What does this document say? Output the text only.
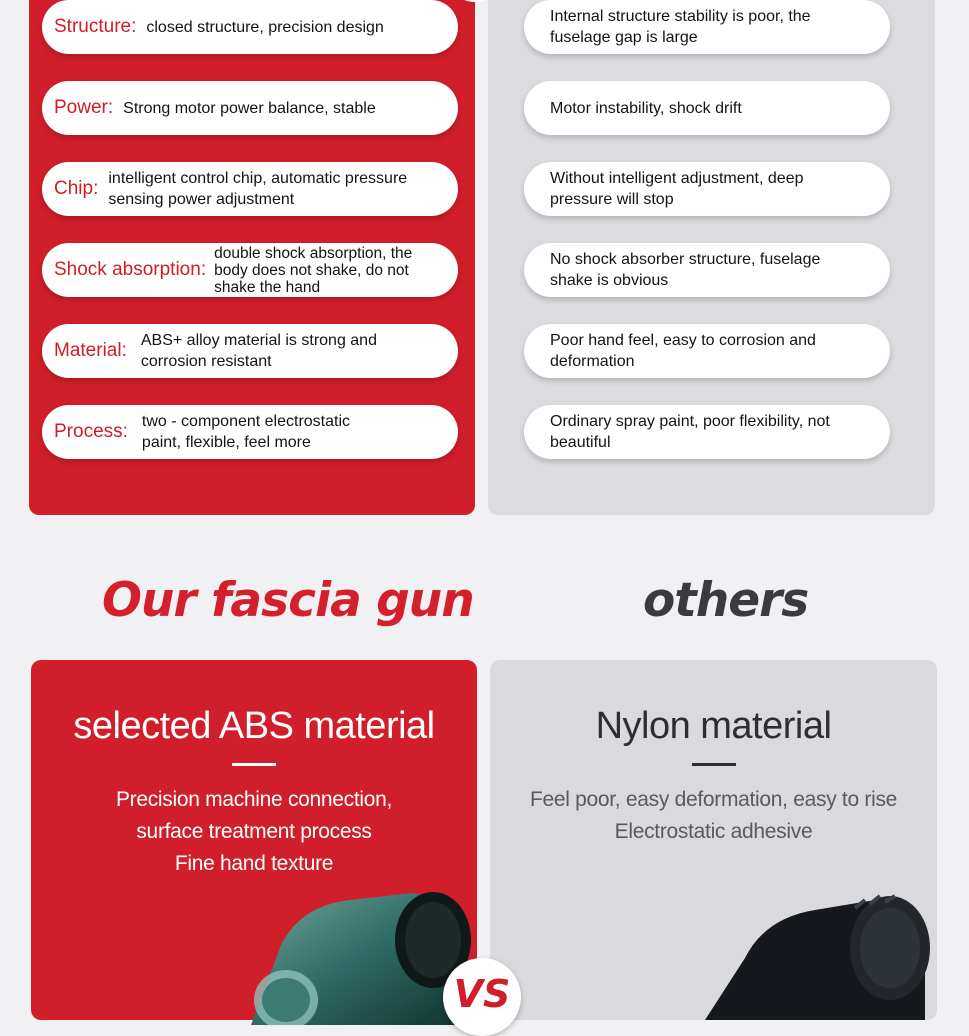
Structure: closed structure, precision design
Power: Strong motor power balance, stable
Chip: intelligent control chip, automatic pressure sensing power adjustment
Shock absorption:
double shock absorption, the body does not shake, do not shake the hand
Material: ABS+ alloy material is strong and corrosion resistant
Process: two - component electrostatic paint, flexible, feel more
Internal structure stability is poor, the fuselage gap is large
Motor instability, shock drift
Without intelligent adjustment, deep pressure will stop
No shock absorber structure, fuselage shake is obvious
Poor hand feel, easy to corrosion and deformation
Ordinary spray paint, poor flexibility, not beautiful
Our fascia gun	others
selected ABS material
Precision machine connection,
surface treatment process
Fine hand texture
Nylon material
Feel poor, easy deformation, easy to rise
Electrostatic adhesive
VS
